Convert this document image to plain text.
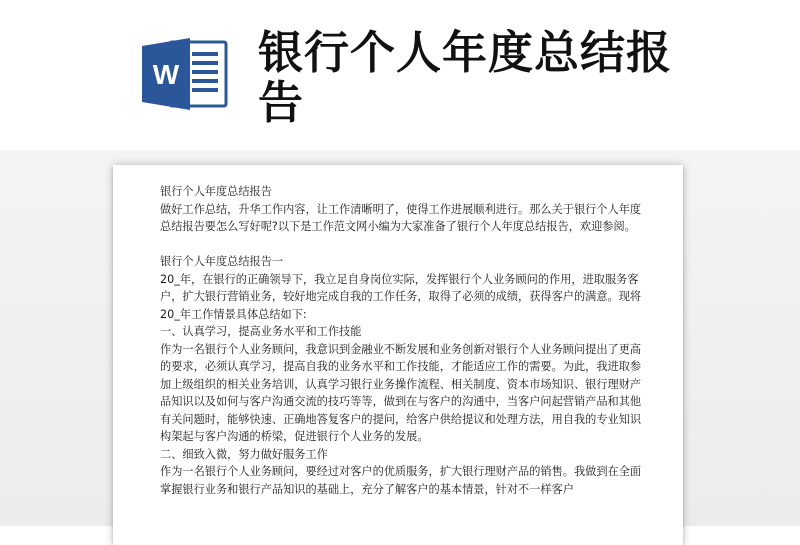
W 银行个人年度总结报告

银行个人年度总结报告

做好工作总结，升华工作内容，让工作清晰明了，使得工作进展顺利进行。那么关于银行个人年度总结报告要怎么写好呢?以下是工作范文网小编为大家准备了银行个人年度总结报告，欢迎参阅。

银行个人年度总结报告一

20_年，在银行的正确领导下，我立足自身岗位实际，发挥银行个人业务顾问的作用，进取服务客户，扩大银行营销业务，较好地完成自我的工作任务，取得了必须的成绩，获得客户的满意。现将 20_年工作情景具体总结如下:

一、认真学习，提高业务水平和工作技能

作为一名银行个人业务顾问，我意识到金融业不断发展和业务创新对银行个人业务顾问提出了更高的要求，必须认真学习，提高自我的业务水平和工作技能，才能适应工作的需要。为此，我进取参加上级组织的相关业务培训，认真学习银行业务操作流程、相关制度、资本市场知识、银行理财产品知识以及如何与客户沟通交流的技巧等等，做到在与客户的沟通中，当客户问起营销产品和其他有关问题时，能够快速、正确地答复客户的提问，给客户供给提议和处理方法，用自我的专业知识构架起与客户沟通的桥梁，促进银行个人业务的发展。

二、细致入微，努力做好服务工作

作为一名银行个人业务顾问，要经过对客户的优质服务，扩大银行理财产品的销售。我做到在全面掌握银行业务和银行产品知识的基础上，充分了解客户的基本情景，针对不一样客户
